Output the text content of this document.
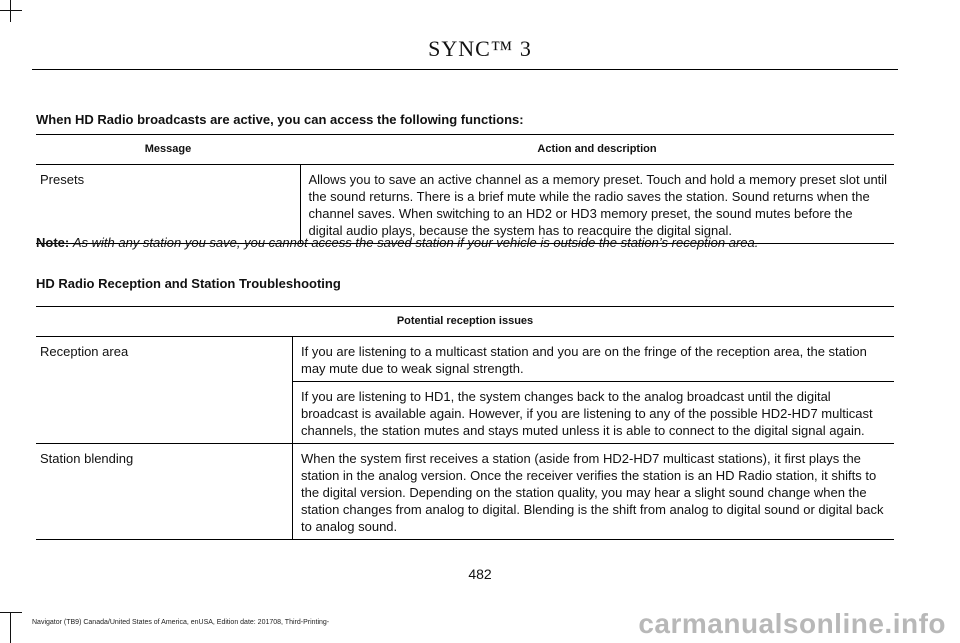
SYNC™ 3
When HD Radio broadcasts are active, you can access the following functions:
Message	Action and description
Presets	Allows you to save an active channel as a memory preset. Touch and hold a memory preset slot until the sound returns. There is a brief mute while the radio saves the station. Sound returns when the channel saves. When switching to an HD2 or HD3 memory preset, the sound mutes before the digital audio plays, because the system has to reacquire the digital signal.
Note: As with any station you save, you cannot access the saved station if your vehicle is outside the station’s reception area.
HD Radio Reception and Station Troubleshooting
Potential reception issues	
Reception area	If you are listening to a multicast station and you are on the fringe of the reception area, the station may mute due to weak signal strength.
	If you are listening to HD1, the system changes back to the analog broadcast until the digital broadcast is available again. However, if you are listening to any of the possible HD2-HD7 multicast channels, the station mutes and stays muted unless it is able to connect to the digital signal again.
Station blending	When the system first receives a station (aside from HD2-HD7 multicast stations), it first plays the station in the analog version. Once the receiver verifies the station is an HD Radio station, it shifts to the digital version. Depending on the station quality, you may hear a slight sound change when the station changes from analog to digital. Blending is the shift from analog to digital sound or digital back to analog sound.
482
Navigator (TB9) Canada/United States of America, enUSA, Edition date: 201708, Third-Printing-	carmanualsonline.info
